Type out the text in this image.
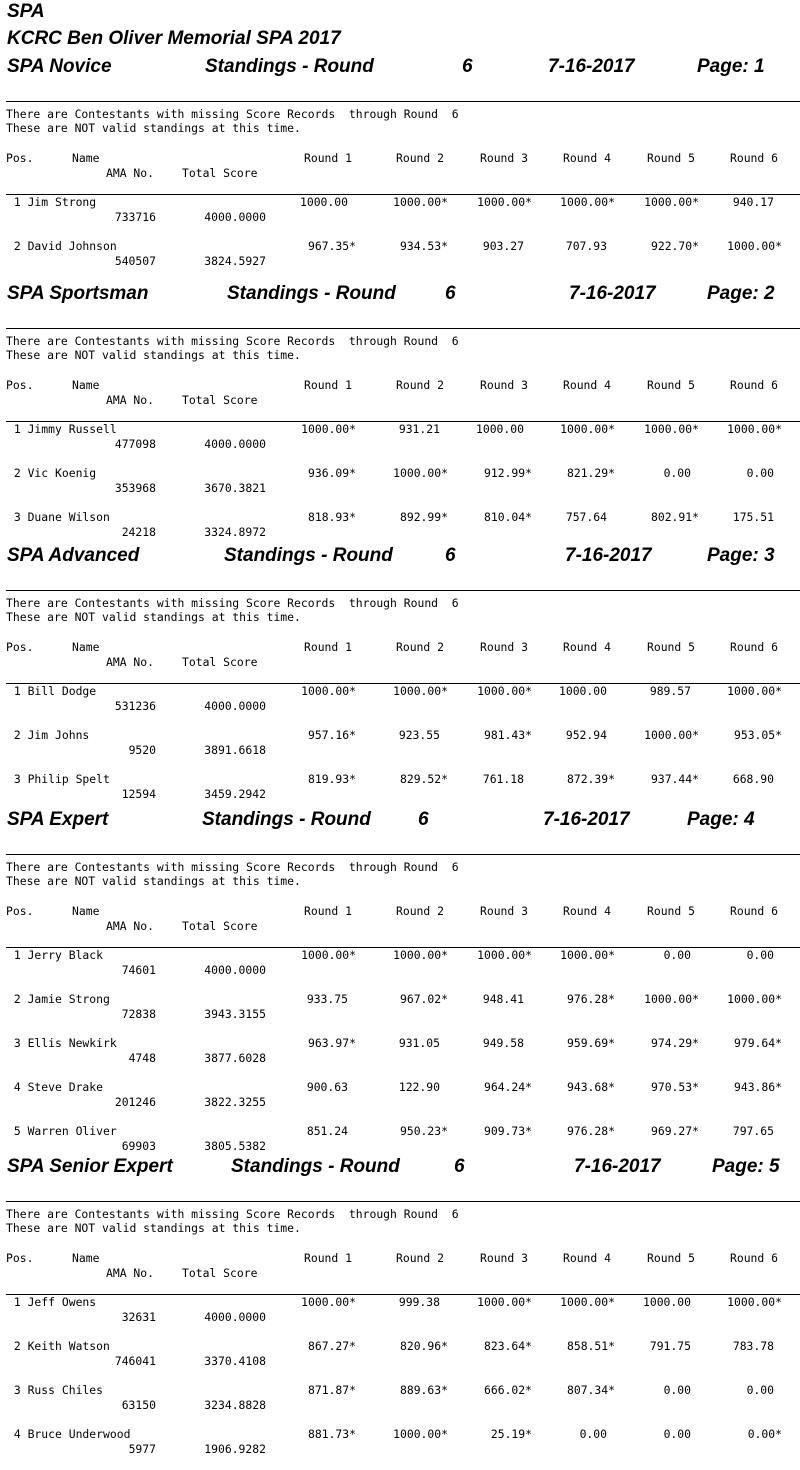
SPA
KCRC Ben Oliver Memorial SPA 2017
SPA Novice	Standings - Round	6	7-16-2017	Page: 1
There are Contestants with missing Score Records  through Round  6
These are NOT valid standings at this time.
Pos.	Name
AMA No. Total Score
Round 1	Round 2	Round 3	Round 4	Round 5	Round 6
1 Jim Strong
733716	4000.0000
1000.00	1000.00*	1000.00* 1000.00*	1000.00*	940.17
2 David Johnson
540507	3824.5927
967.35*	934.53*	903.27	707.93	922.70* 1000.00*
SPA Sportsman	Standings - Round	6	7-16-2017	Page: 2
There are Contestants with missing Score Records  through Round  6
These are NOT valid standings at this time.
Pos.	Name
AMA No. Total Score
Round 1	Round 2	Round 3	Round 4	Round 5	Round 6
1 Jimmy Russell
477098	4000.0000
1000.00*	931.21	1000.00	1000.00*	1000.00* 1000.00*
2 Vic Koenig
353968	3670.3821
936.09*	1000.00*	912.99*	821.29*	0.00	0.00
3 Duane Wilson
24218	3324.8972
818.93*	892.99*	810.04*	757.64	802.91*	175.51
SPA Advanced	Standings - Round	6	7-16-2017	Page: 3
There are Contestants with missing Score Records  through Round  6
These are NOT valid standings at this time.
Pos.	Name
AMA No. Total Score
Round 1	Round 2	Round 3	Round 4	Round 5	Round 6
1 Bill Dodge
531236	4000.0000
1000.00*	1000.00*	1000.00* 1000.00	989.57	1000.00*
2 Jim Johns
9520	3891.6618
957.16*	923.55	981.43*	952.94	1000.00*	953.05*
3 Philip Spelt
12594	3459.2942
819.93*	829.52*	761.18	872.39*	937.44*	668.90
SPA Expert	Standings - Round 6	7-16-2017	Page: 4
There are Contestants with missing Score Records  through Round  6
These are NOT valid standings at this time.
Pos.	Name
AMA No. Total Score
Round 1	Round 2	Round 3	Round 4	Round 5	Round 6
1 Jerry Black
74601	4000.0000
1000.00*	1000.00*	1000.00* 1000.00*	0.00	0.00
2 Jamie Strong
72838	3943.3155
933.75	967.02*	948.41	976.28*	1000.00* 1000.00*
3 Ellis Newkirk
4748	3877.6028
963.97*	931.05	949.58	959.69*	974.29*	979.64*
4 Steve Drake
201246	3822.3255
900.63	122.90	964.24*	943.68*	970.53*	943.86*
5 Warren Oliver
69903	3805.5382
851.24	950.23*	909.73*	976.28*	969.27*	797.65
SPA Senior Expert	Standings - Round	6	7-16-2017	Page: 5
There are Contestants with missing Score Records  through Round  6
These are NOT valid standings at this time.
Pos.	Name
AMA No. Total Score
Round 1	Round 2	Round 3	Round 4	Round 5	Round 6
1 Jeff Owens
32631	4000.0000
1000.00*	999.38	1000.00* 1000.00* 1000.00	1000.00*
2 Keith Watson
746041	3370.4108
867.27*	820.96*	823.64*	858.51*	791.75	783.78
3 Russ Chiles
63150	3234.8828
871.87*	889.63*	666.02*	807.34*	0.00	0.00
4 Bruce Underwood
5977	1906.9282
881.73*	1000.00*	25.19*	0.00	0.00	0.00*
